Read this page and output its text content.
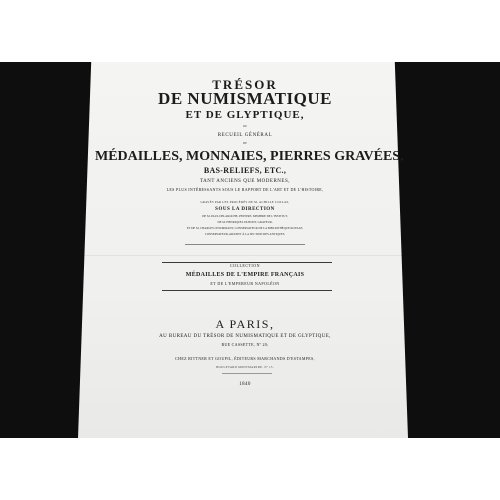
TRÉSOR
DE NUMISMATIQUE
ET DE GLYPTIQUE,
OU
RECUEIL GÉNÉRAL
DE
MÉDAILLES, MONNAIES, PIERRES GRAVÉES,
BAS-RELIEFS, ETC.,
TANT ANCIENS QUE MODERNES,
LES PLUS INTÉRESSANTS SOUS LE RAPPORT DE L'ART ET DE L'HISTOIRE,
GRAVÉS PAR LES PROCÉDÉS DE M. ACHILLE COLLAS,
SOUS LA DIRECTION
DE M. PAUL DELAROCHE, PEINTRE, MEMBRE DE L'INSTITUT,
DE M. HENRIQUEL DUPONT, GRAVEUR,
ET DE M. CHARLES LENORMANT, CONSERVATEUR DE LA BIBLIOTHÈQUE ROYALE,
CONSERVATEUR-ADJOINT À LA SECTION DES ANTIQUES.
COLLECTION
MÉDAILLES DE L'EMPIRE FRANÇAIS
ET DE L'EMPEREUR NAPOLÉON
A PARIS,
AU BUREAU DU TRÉSOR DE NUMISMATIQUE ET DE GLYPTIQUE,
RUE CASSETTE, Nº 20;
CHEZ RITTNER ET GOUPIL, ÉDITEURS MARCHANDS D'ESTAMPES,
BOULEVARD MONTMARTRE, Nº 15.
1840
